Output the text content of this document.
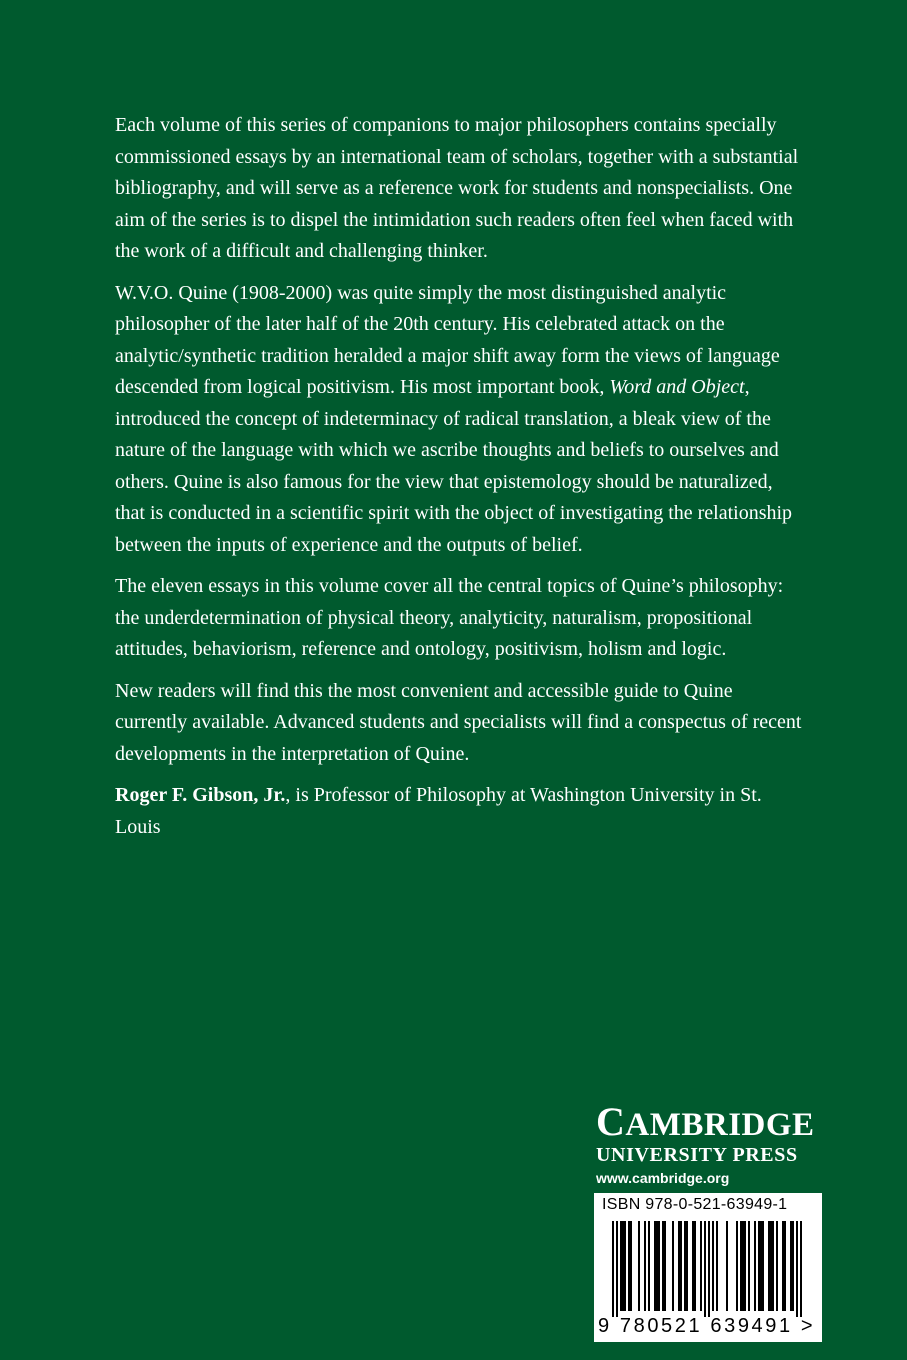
Each volume of this series of companions to major philosophers contains specially commissioned essays by an international team of scholars, together with a substantial bibliography, and will serve as a reference work for students and nonspecialists. One aim of the series is to dispel the intimidation such readers often feel when faced with the work of a difficult and challenging thinker.

W.V.O. Quine (1908-2000) was quite simply the most distinguished analytic philosopher of the later half of the 20th century. His celebrated attack on the analytic/synthetic tradition heralded a major shift away form the views of language descended from logical positivism. His most important book, Word and Object, introduced the concept of indeterminacy of radical translation, a bleak view of the nature of the language with which we ascribe thoughts and beliefs to ourselves and others. Quine is also famous for the view that epistemology should be naturalized, that is conducted in a scientific spirit with the object of investigating the relationship between the inputs of experience and the outputs of belief.

The eleven essays in this volume cover all the central topics of Quine’s philosophy: the underdetermination of physical theory, analyticity, naturalism, propositional attitudes, behaviorism, reference and ontology, positivism, holism and logic.

New readers will find this the most convenient and accessible guide to Quine currently available. Advanced students and specialists will find a conspectus of recent developments in the interpretation of Quine.

Roger F. Gibson, Jr., is Professor of Philosophy at Washington University in St. Louis

CAMBRIDGE
UNIVERSITY PRESS
www.cambridge.org
ISBN 978-0-521-63949-1
9 780521 639491 >
